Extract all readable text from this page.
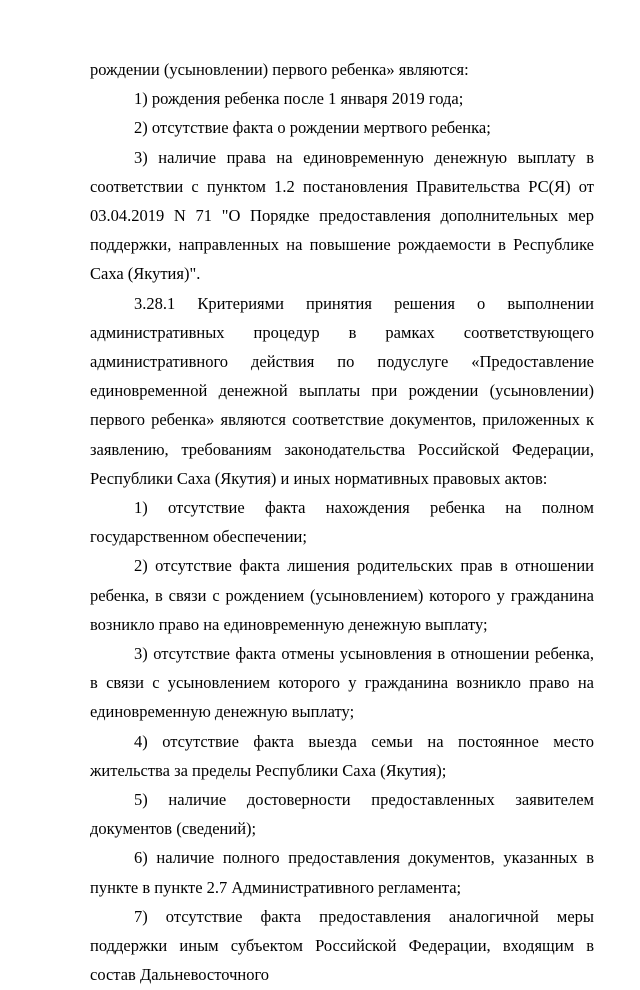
рождении (усыновлении) первого ребенка» являются:

1) рождения ребенка после 1 января 2019 года;

2) отсутствие факта о рождении мертвого ребенка;

3) наличие права на единовременную денежную выплату в соответствии с пунктом 1.2 постановления Правительства РС(Я) от 03.04.2019 N 71 "О Порядке предоставления дополнительных мер поддержки, направленных на повышение рождаемости в Республике Саха (Якутия)".

3.28.1 Критериями принятия решения о выполнении административных процедур в рамках соответствующего административного действия по подуслуге «Предоставление единовременной денежной выплаты при рождении (усыновлении) первого ребенка» являются соответствие документов, приложенных к заявлению, требованиям законодательства Российской Федерации, Республики Саха (Якутия) и иных нормативных правовых актов:

1) отсутствие факта нахождения ребенка на полном государственном обеспечении;

2) отсутствие факта лишения родительских прав в отношении ребенка, в связи с рождением (усыновлением) которого у гражданина возникло право на единовременную денежную выплату;

3) отсутствие факта отмены усыновления в отношении ребенка, в связи с усыновлением которого у гражданина возникло право на единовременную денежную выплату;

4) отсутствие факта выезда семьи на постоянное место жительства за пределы Республики Саха (Якутия);

5) наличие достоверности предоставленных заявителем документов (сведений);

6) наличие полного предоставления документов, указанных в пункте в пункте 2.7 Административного регламента;

7) отсутствие факта предоставления аналогичной меры поддержки иным субъектом Российской Федерации, входящим в состав Дальневосточного
